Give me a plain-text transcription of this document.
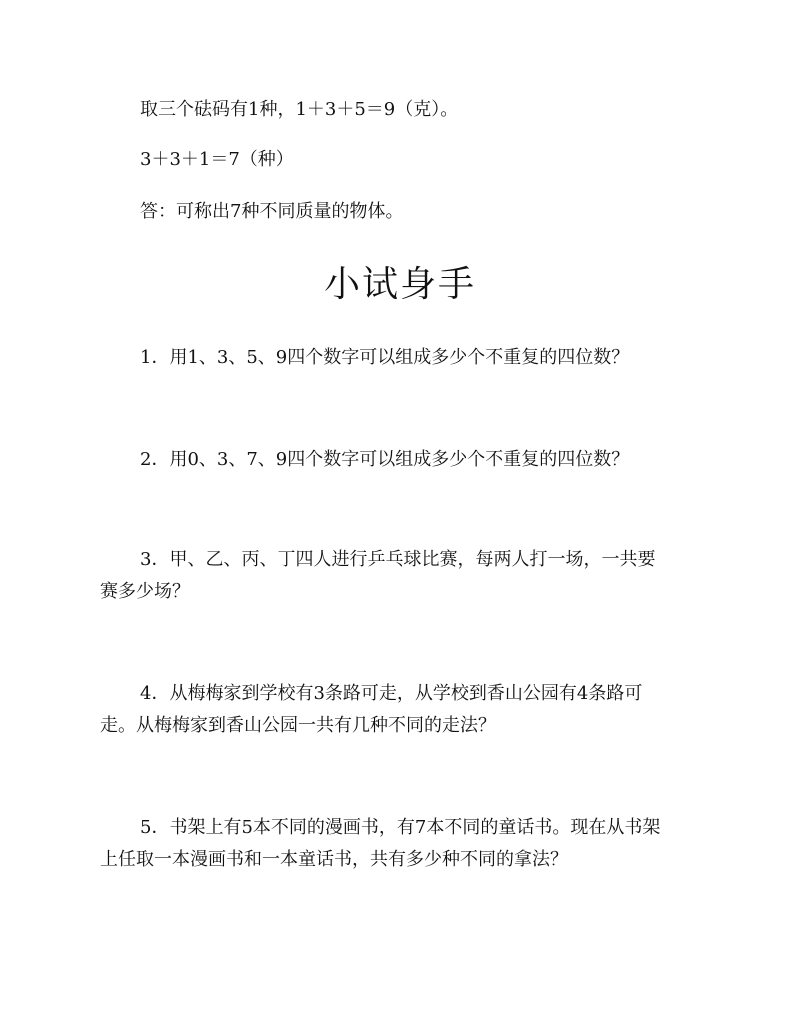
取三个砝码有1种，1＋3＋5＝9（克）。
3＋3＋1＝7（种）
答：可称出7种不同质量的物体。
小试身手
1．用1、3、5、9四个数字可以组成多少个不重复的四位数？
2．用0、3、7、9四个数字可以组成多少个不重复的四位数？
3．甲、乙、丙、丁四人进行乒乓球比赛，每两人打一场，一共要
赛多少场？
4．从梅梅家到学校有3条路可走，从学校到香山公园有4条路可
走。从梅梅家到香山公园一共有几种不同的走法？
5．书架上有5本不同的漫画书，有7本不同的童话书。现在从书架
上任取一本漫画书和一本童话书，共有多少种不同的拿法？
